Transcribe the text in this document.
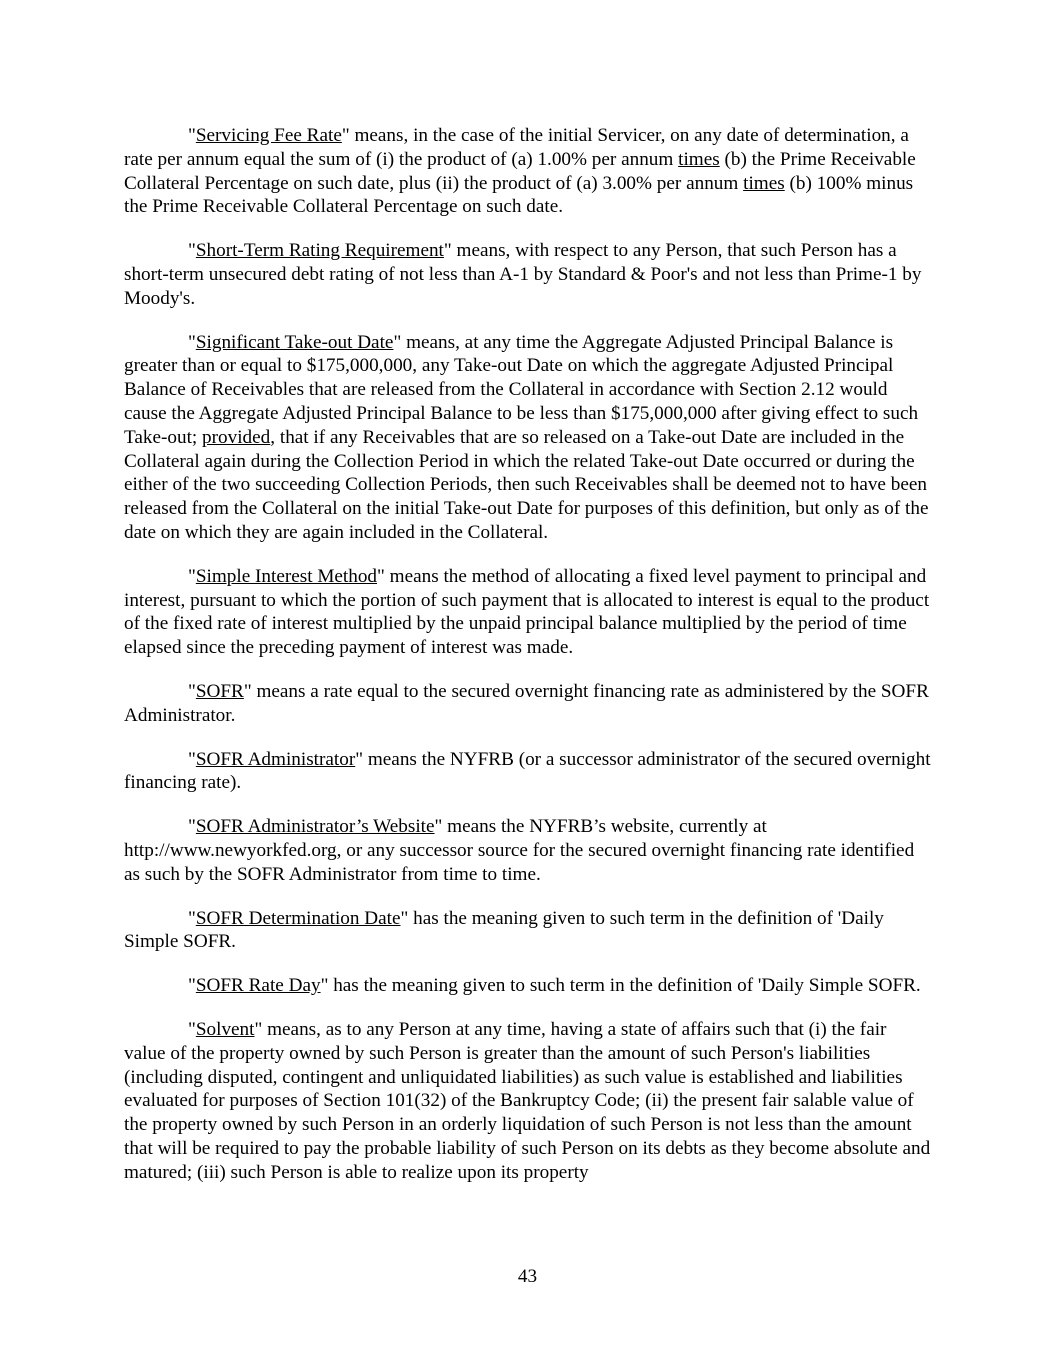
"Servicing Fee Rate" means, in the case of the initial Servicer, on any date of determination, a rate per annum equal the sum of (i) the product of (a) 1.00% per annum times (b) the Prime Receivable Collateral Percentage on such date, plus (ii) the product of (a) 3.00% per annum times (b) 100% minus the Prime Receivable Collateral Percentage on such date.

"Short-Term Rating Requirement" means, with respect to any Person, that such Person has a short-term unsecured debt rating of not less than A-1 by Standard & Poor's and not less than Prime-1 by Moody's.

"Significant Take-out Date" means, at any time the Aggregate Adjusted Principal Balance is greater than or equal to $175,000,000, any Take-out Date on which the aggregate Adjusted Principal Balance of Receivables that are released from the Collateral in accordance with Section 2.12 would cause the Aggregate Adjusted Principal Balance to be less than $175,000,000 after giving effect to such Take-out; provided, that if any Receivables that are so released on a Take-out Date are included in the Collateral again during the Collection Period in which the related Take-out Date occurred or during the either of the two succeeding Collection Periods, then such Receivables shall be deemed not to have been released from the Collateral on the initial Take-out Date for purposes of this definition, but only as of the date on which they are again included in the Collateral.

"Simple Interest Method" means the method of allocating a fixed level payment to principal and interest, pursuant to which the portion of such payment that is allocated to interest is equal to the product of the fixed rate of interest multiplied by the unpaid principal balance multiplied by the period of time elapsed since the preceding payment of interest was made.

"SOFR" means a rate equal to the secured overnight financing rate as administered by the SOFR Administrator.

"SOFR Administrator" means the NYFRB (or a successor administrator of the secured overnight financing rate).

"SOFR Administrator’s Website" means the NYFRB’s website, currently at http://www.newyorkfed.org, or any successor source for the secured overnight financing rate identified as such by the SOFR Administrator from time to time.

"SOFR Determination Date" has the meaning given to such term in the definition of 'Daily Simple SOFR.

"SOFR Rate Day" has the meaning given to such term in the definition of 'Daily Simple SOFR.

"Solvent" means, as to any Person at any time, having a state of affairs such that (i) the fair value of the property owned by such Person is greater than the amount of such Person's liabilities (including disputed, contingent and unliquidated liabilities) as such value is established and liabilities evaluated for purposes of Section 101(32) of the Bankruptcy Code; (ii) the present fair salable value of the property owned by such Person in an orderly liquidation of such Person is not less than the amount that will be required to pay the probable liability of such Person on its debts as they become absolute and matured; (iii) such Person is able to realize upon its property

43
